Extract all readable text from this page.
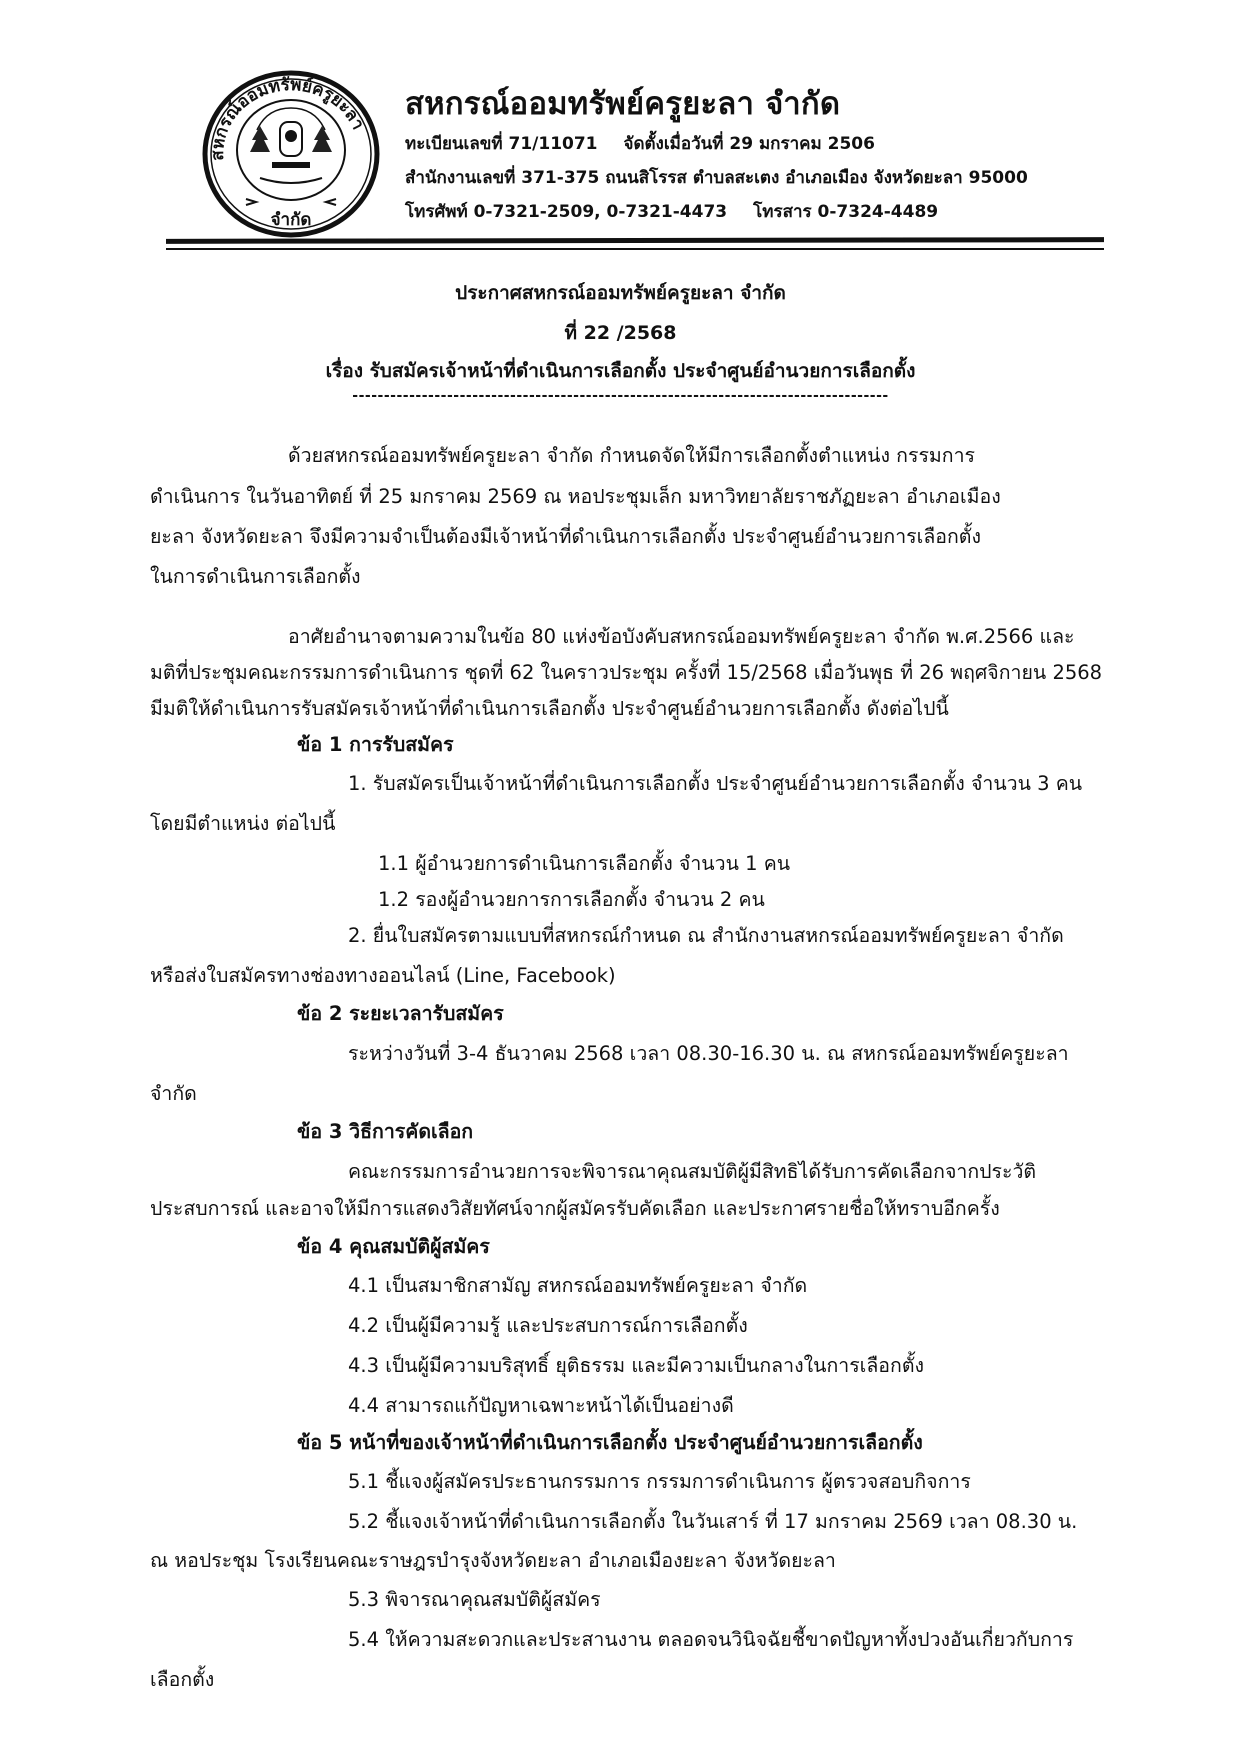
สหกรณ์ออมทรัพย์ครูยะลา
จำกัด
สหกรณ์ออมทรัพย์ครูยะลา จำกัด
ทะเบียนเลขที่ 71/11071 จัดตั้งเมื่อวันที่ 29 มกราคม 2506
สำนักงานเลขที่ 371-375 ถนนสิโรรส ตำบลสะเตง อำเภอเมือง จังหวัดยะลา 95000
โทรศัพท์ 0-7321-2509, 0-7321-4473 โทรสาร 0-7324-4489
ประกาศสหกรณ์ออมทรัพย์ครูยะลา จำกัด
ที่ 22 /2568
เรื่อง รับสมัครเจ้าหน้าที่ดำเนินการเลือกตั้ง ประจำศูนย์อำนวยการเลือกตั้ง
-------------------------------------------------------------------------------------
ด้วยสหกรณ์ออมทรัพย์ครูยะลา จำกัด กำหนดจัดให้มีการเลือกตั้งตำแหน่ง กรรมการ
ดำเนินการ ในวันอาทิตย์ ที่ 25 มกราคม 2569 ณ หอประชุมเล็ก มหาวิทยาลัยราชภัฏยะลา อำเภอเมือง
ยะลา จังหวัดยะลา จึงมีความจำเป็นต้องมีเจ้าหน้าที่ดำเนินการเลือกตั้ง ประจำศูนย์อำนวยการเลือกตั้ง
ในการดำเนินการเลือกตั้ง
อาศัยอำนาจตามความในข้อ 80 แห่งข้อบังคับสหกรณ์ออมทรัพย์ครูยะลา จำกัด พ.ศ.2566 และ
มติที่ประชุมคณะกรรมการดำเนินการ ชุดที่ 62 ในคราวประชุม ครั้งที่ 15/2568 เมื่อวันพุธ ที่ 26 พฤศจิกายน 2568
มีมติให้ดำเนินการรับสมัครเจ้าหน้าที่ดำเนินการเลือกตั้ง ประจำศูนย์อำนวยการเลือกตั้ง ดังต่อไปนี้
ข้อ 1 การรับสมัคร
1. รับสมัครเป็นเจ้าหน้าที่ดำเนินการเลือกตั้ง ประจำศูนย์อำนวยการเลือกตั้ง จำนวน 3 คน
โดยมีตำแหน่ง ต่อไปนี้
1.1 ผู้อำนวยการดำเนินการเลือกตั้ง จำนวน 1 คน
1.2 รองผู้อำนวยการการเลือกตั้ง จำนวน 2 คน
2. ยื่นใบสมัครตามแบบที่สหกรณ์กำหนด ณ สำนักงานสหกรณ์ออมทรัพย์ครูยะลา จำกัด
หรือส่งใบสมัครทางช่องทางออนไลน์ (Line, Facebook)
ข้อ 2 ระยะเวลารับสมัคร
ระหว่างวันที่ 3-4 ธันวาคม 2568 เวลา 08.30-16.30 น. ณ สหกรณ์ออมทรัพย์ครูยะลา
จำกัด
ข้อ 3 วิธีการคัดเลือก
คณะกรรมการอำนวยการจะพิจารณาคุณสมบัติผู้มีสิทธิได้รับการคัดเลือกจากประวัติ
ประสบการณ์ และอาจให้มีการแสดงวิสัยทัศน์จากผู้สมัครรับคัดเลือก และประกาศรายชื่อให้ทราบอีกครั้ง
ข้อ 4 คุณสมบัติผู้สมัคร
4.1 เป็นสมาชิกสามัญ สหกรณ์ออมทรัพย์ครูยะลา จำกัด
4.2 เป็นผู้มีความรู้ และประสบการณ์การเลือกตั้ง
4.3 เป็นผู้มีความบริสุทธิ์ ยุติธรรม และมีความเป็นกลางในการเลือกตั้ง
4.4 สามารถแก้ปัญหาเฉพาะหน้าได้เป็นอย่างดี
ข้อ 5 หน้าที่ของเจ้าหน้าที่ดำเนินการเลือกตั้ง ประจำศูนย์อำนวยการเลือกตั้ง
5.1 ชี้แจงผู้สมัครประธานกรรมการ กรรมการดำเนินการ ผู้ตรวจสอบกิจการ
5.2 ชี้แจงเจ้าหน้าที่ดำเนินการเลือกตั้ง ในวันเสาร์ ที่ 17 มกราคม 2569 เวลา 08.30 น.
ณ หอประชุม โรงเรียนคณะราษฎรบำรุงจังหวัดยะลา อำเภอเมืองยะลา จังหวัดยะลา
5.3 พิจารณาคุณสมบัติผู้สมัคร
5.4 ให้ความสะดวกและประสานงาน ตลอดจนวินิจฉัยชี้ขาดปัญหาทั้งปวงอันเกี่ยวกับการ
เลือกตั้ง
